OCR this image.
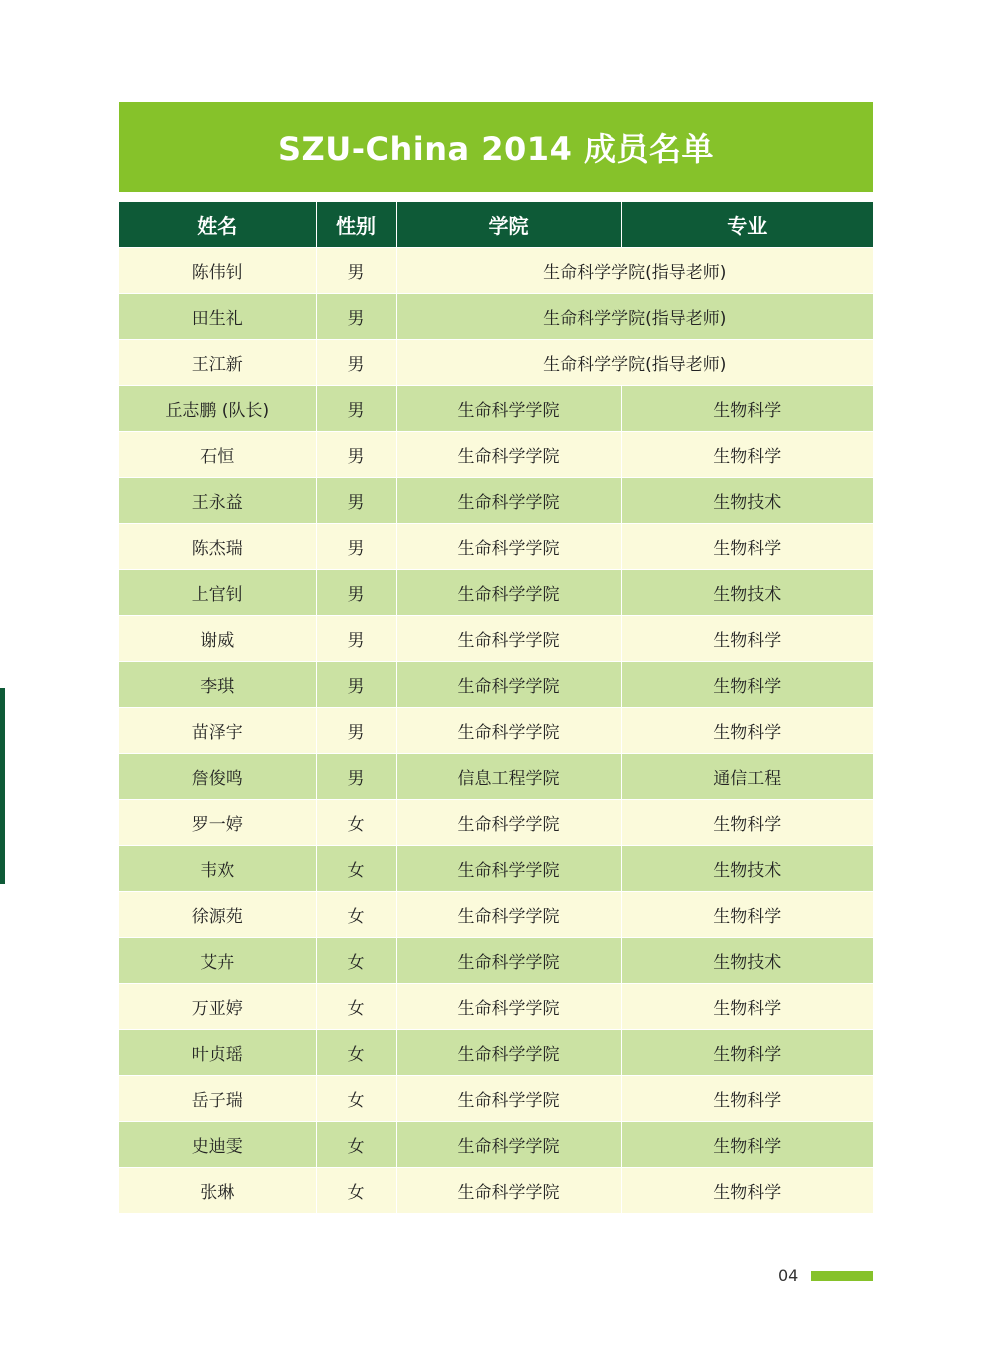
SZU-China 2014 成员名单
姓名	性别	学院	专业
陈伟钊	男	生命科学学院(指导老师)	
田生礼	男	生命科学学院(指导老师)	
王江新	男	生命科学学院(指导老师)	
丘志鹏 (队长)	男	生命科学学院	生物科学
石恒	男	生命科学学院	生物科学
王永益	男	生命科学学院	生物技术
陈杰瑞	男	生命科学学院	生物科学
上官钊	男	生命科学学院	生物技术
谢威	男	生命科学学院	生物科学
李琪	男	生命科学学院	生物科学
苗泽宇	男	生命科学学院	生物科学
詹俊鸣	男	信息工程学院	通信工程
罗一婷	女	生命科学学院	生物科学
韦欢	女	生命科学学院	生物技术
徐源苑	女	生命科学学院	生物科学
艾卉	女	生命科学学院	生物技术
万亚婷	女	生命科学学院	生物科学
叶贞瑶	女	生命科学学院	生物科学
岳子瑞	女	生命科学学院	生物科学
史迪雯	女	生命科学学院	生物科学
张琳	女	生命科学学院	生物科学
04
